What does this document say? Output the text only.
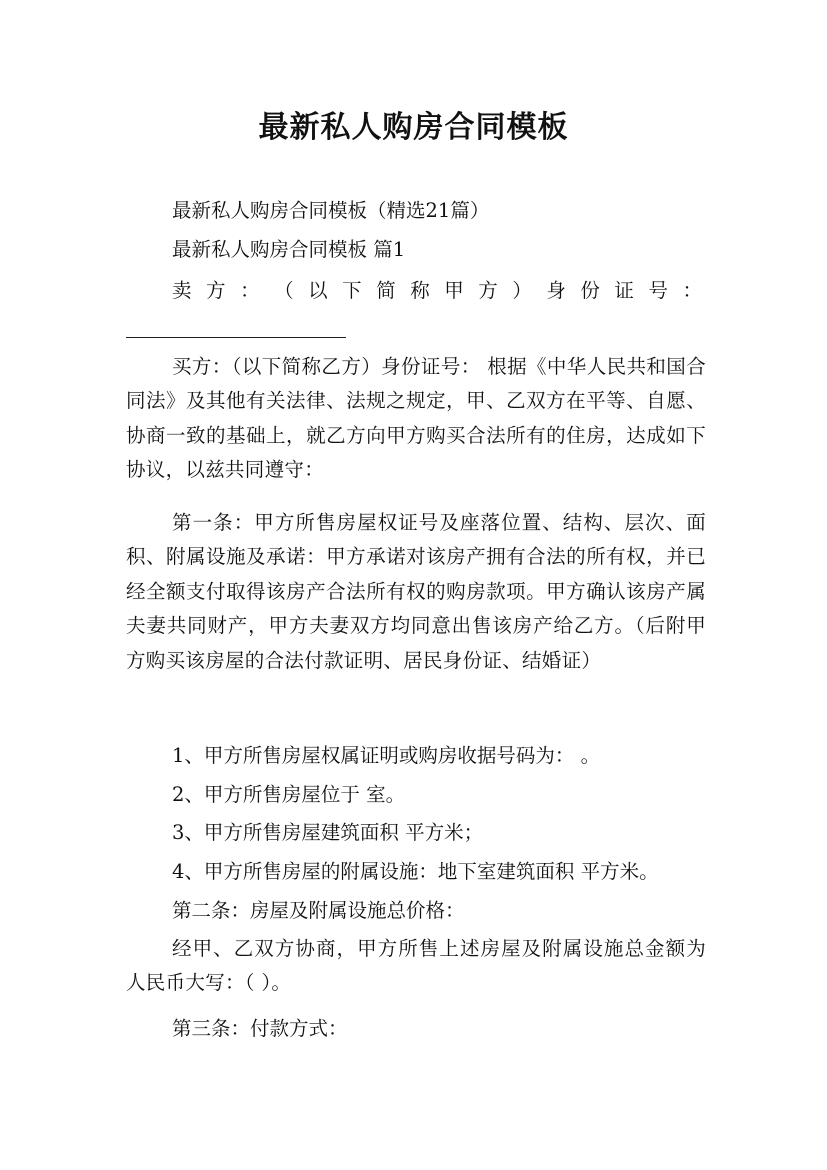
最新私人购房合同模板

最新私人购房合同模板（精选21篇）

最新私人购房合同模板 篇1

卖 方 ： （ 以 下 简 称 甲 方 ） 身 份 证 号 ：

买方：（以下简称乙方）身份证号： 根据《中华人民共和国合同法》及其他有关法律、法规之规定，甲、乙双方在平等、自愿、协商一致的基础上，就乙方向甲方购买合法所有的住房，达成如下协议，以兹共同遵守：

第一条：甲方所售房屋权证号及座落位置、结构、层次、面积、附属设施及承诺：甲方承诺对该房产拥有合法的所有权，并已经全额支付取得该房产合法所有权的购房款项。甲方确认该房产属夫妻共同财产，甲方夫妻双方均同意出售该房产给乙方。（后附甲方购买该房屋的合法付款证明、居民身份证、结婚证）

1、甲方所售房屋权属证明或购房收据号码为： 。

2、甲方所售房屋位于 室。

3、甲方所售房屋建筑面积 平方米；

4、甲方所售房屋的附属设施：地下室建筑面积 平方米。

第二条：房屋及附属设施总价格：

经甲、乙双方协商，甲方所售上述房屋及附属设施总金额为人民币大写：（ ）。

第三条：付款方式：
